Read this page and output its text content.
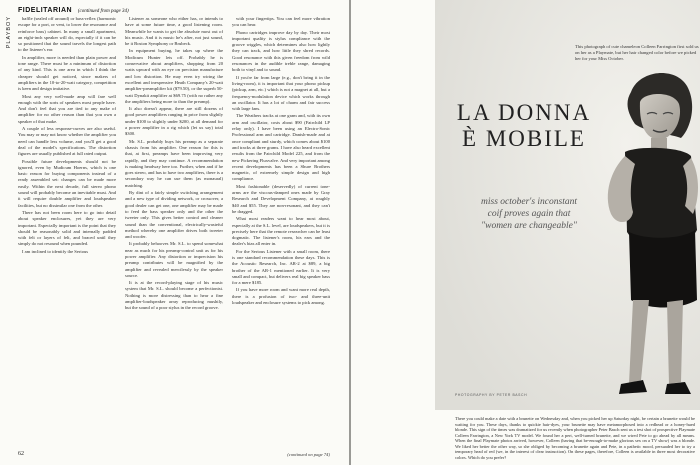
PLAYBOY
FIDELITARIAN (continued from page 34)

baffle (sealed off around) or bass-reflex (harmonic escape for a port, or vent, to lower the resonance and reinforce bass) cabinet. In many a small apartment, an eight-inch speaker will do, especially if it can be so positioned that the sound travels the longest path to the listener's ear.

In amplifier, more is needed than plain power and tone range. There must be a minimum of distortion of any kind. This is one area in which I think the cheaper should get noticed, since makers of amplifiers in the 10-to-20-watt category, competition is keen and design imitative.

Most any very well-made amp will fare well enough with the sorts of speakers most people have. And don't feel that you are tied to any make of amplifier for no other reason than that you own a speaker of that make.

A couple of less response-curves are also useful. You may or may not know whether the amplifier you need can handle less volume, and you'll get a good deal of the model's specifications. The distortion figures are usually published at full rated output.

Possible future developments should not be ignored, even by Mudicum Hoerns, which is one basic reason for buying components instead of a ready assembled set: changes can be made more easily. Within the next decade, full stereo phono sound will probably become an inevitable must. And it will require double amplifier and loudspeaker facilities, but no dissimilar one from the other.

There has not been room here to go into detail about speaker enclosures, yet they are very important. Especially important is the point that they should be reasonably solid and internally padded with felt or layers of felt, and braced until they simply do not resound when pounded.

I am inclined to identify the Serious

Listener as someone who either has, or intends to have at some future time, a good listening room. Meanwhile he wants to get the absolute most out of his music. And it is music he's after, not just sound, be it Boston Symphony or Brubeck.

In equipment buying, he takes up where the Modicum Hunter lets off. Probably he is conservative about amplifiers, shopping from 20 watts upward with an eye on precision manufacture and low distortion. He may even try wiring the excellent and inexpensive Heath Company's 20-watt amplifier-preamplifier kit ($79.50), or the superb 50-watt Dynakit amplifier at $69.75 (with no rather any the amplifiers being more to than the preamp).

It also doesn't appear, there are still dozens of good power amplifiers ranging in price from slightly under $100 to slightly under $200, at all demand for a power amplifier in a rig which (let us say) total $300.

Mr. S.L. probably buys his preamp as a separate chassis from his amplifier. One reason for this is that, at first, preamps have been improving very rapidly, and they may continue. A recommendation is making headway here too. Further, when and if he goes stereo, and has to have two amplifiers, there is a secondary way he can use them (as monaural) matching.

By dint of a fairly simple switching arrangement and a new type of dividing network, or crossover, a good dealer can get one, one amplifier may be made to feed the bass speaker only and the other the tweeter only. This gives better control and cleaner sound than the conventional, electrically-wasteful method whereby one amplifier drives both tweeter and woofer.

It probably behooves Mr. S.L. to spend somewhat near as much for his preamp-control unit as for his power amplifier. Any distortion or imprecision his preamp contributes will be magnified by the amplifier and revealed mercilessly by the speaker source.

It is at the record-playing stage of his music system that Mr. S.L. should become a perfectionist. Nothing is more distressing than to hear a fine amplifier-loudspeaker array reproducing mushily, but the sound of a poor stylus in the record groove.

with your fingertips. You can feel more vibration you can hear.

Phono cartridges improve day by day. Their most important quality is stylus compliance with the groove wiggles, which determines also how lightly they can track, and how little they shred records. Good resonance with this given freedom from wild resonances in the audible treble range, damaging both to vinyl and to sound.

If you're far from large (e.g., don't bring it in the living-room), it is important that your phono pickup (pickup, arm, etc.) which is not a magnet at all, but a frequency-modulation device which works through an oscillator. It has a lot of charm and fair success with large fans.

The Weathers tracks at one gram and, with its own arm and oscillator, costs about $90 (Fairchild LP relay only). I have been using an Electro-Sonic Professional arm and cartridge. Danish-made and at once compliant and sturdy, which comes about $100 and tracks at three grams. I have also heard excellent results from the Fairchild Model 225, and from the new Pickering Fluxvalve. And very important among recent developments has been a Shure Brothers magnetic, of extremely simple design and high compliance.

Most fashionable (deservedly) of current tone-arms are the viscous-damped ones made by Gray Research and Development Company, at roughly $40 and $55. They are non-resonant, and they can't be dragged.

What most readers want to hear most about, especially at the S.L. level, are loudspeakers, but it is precisely here that the remote researcher can be least dogmatic. The listener's room, his ears and the dealer's bias all enter in.

For the Serious Listener with a small room, there is one standard recommendation these days. This is the Acoustic Research, Inc. AR-2 at $89, a big brother of the AR-1 mentioned earlier. It is very small and compact, but delivers real big speaker bass for a mere $185.

If you have more room and want more real depth, there is a profusion of two- and three-unit loudspeaker and enclosure systems to pick among.

62	(continued on page 74)
This photograph of cute chameleon Colleen Farrington first sold us on her as a Playmate, but her hair changed color before we picked her for your Miss October.
LA DONNA
È MOBILE
miss october's inconstant
coif proves again that
"women are changeable"
PHOTOGRAPHY BY PETER BASCH
There you could make a date with a brunette on Wednesday and, when you picked her up Saturday night, be certain a brunette would be waiting for you. These days, thanks to quickie hair-dyes, your brunette may have metamorphosed into a redhead or a honey-hued blonde. This sign of the times was dramatized for us recently when photographer Peter Basch sent us a test shot of prospective Playmate Colleen Farrington, a New York TV model. We found her a pert, well-turned brunette, and we wired Pete to go ahead by all means. When the final Playmate photos arrived, however, Colleen (having that be-enough-to-make glorious sex on a TV show) was a blonde. We liked her better the other way, so she obliged by becoming a brunette again and Pete, in a pathetic mood, persuaded her to try a temporary head of red (we, in the interest of clear instruction). On these pages, therefore, Colleen is available in three most decorative colors. Which do you prefer?
